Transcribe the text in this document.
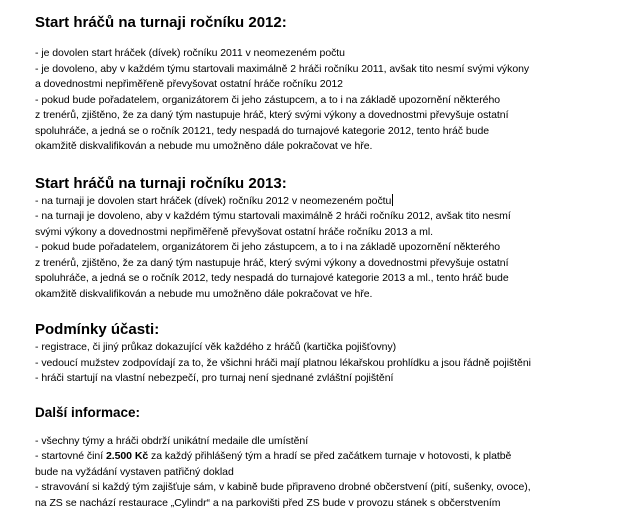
Start hráčů na turnaji ročníku 2012:
- je dovolen start hráček (dívek) ročníku 2011 v neomezeném počtu
- je dovoleno, aby v každém týmu startovali maximálně 2 hráči ročníku 2011, avšak tito nesmí svými výkony
a dovednostmi nepřiměřeně převyšovat ostatní hráče ročníku 2012
- pokud bude pořadatelem, organizátorem či jeho zástupcem, a to i na základě upozornění některého
z trenérů, zjištěno, že za daný tým nastupuje hráč, který svými výkony a dovednostmi převyšuje ostatní
spoluhráče, a jedná se o ročník 20121, tedy nespadá do turnajové kategorie 2012, tento hráč bude
okamžitě diskvalifikován a nebude mu umožněno dále pokračovat ve hře.
Start hráčů na turnaji ročníku 2013:
- na turnaji je dovolen start hráček (dívek) ročníku 2012 v neomezeném počtu
- na turnaji je dovoleno, aby v každém týmu startovali maximálně 2 hráči ročníku 2012, avšak tito nesmí
svými výkony a dovednostmi nepřiměřeně převyšovat ostatní hráče ročníku 2013 a ml.
- pokud bude pořadatelem, organizátorem či jeho zástupcem, a to i na základě upozornění některého
z trenérů, zjištěno, že za daný tým nastupuje hráč, který svými výkony a dovednostmi převyšuje ostatní
spoluhráče, a jedná se o ročník 2012, tedy nespadá do turnajové kategorie 2013 a ml., tento hráč bude
okamžitě diskvalifikován a nebude mu umožněno dále pokračovat ve hře.
Podmínky účasti:
- registrace, či jiný průkaz dokazující věk každého z hráčů (kartička pojišťovny)
- vedoucí mužstev zodpovídají za to, že všichni hráči mají platnou lékařskou prohlídku a jsou řádně pojištěni
- hráči startují na vlastní nebezpečí, pro turnaj není sjednané zvláštní pojištění
Další informace:
- všechny týmy a hráči obdrží unikátní medaile dle umístění
- startovné činí 2.500 Kč za každý přihlášený tým a hradí se před začátkem turnaje v hotovosti, k platbě
bude na vyžádání vystaven patřičný doklad
- stravování si každý tým zajišťuje sám, v kabině bude připraveno drobné občerstvení (pití, sušenky, ovoce),
na ZS se nachází restaurace „Cylindr“ a na parkovišti před ZS bude v provozu stánek s občerstvením
